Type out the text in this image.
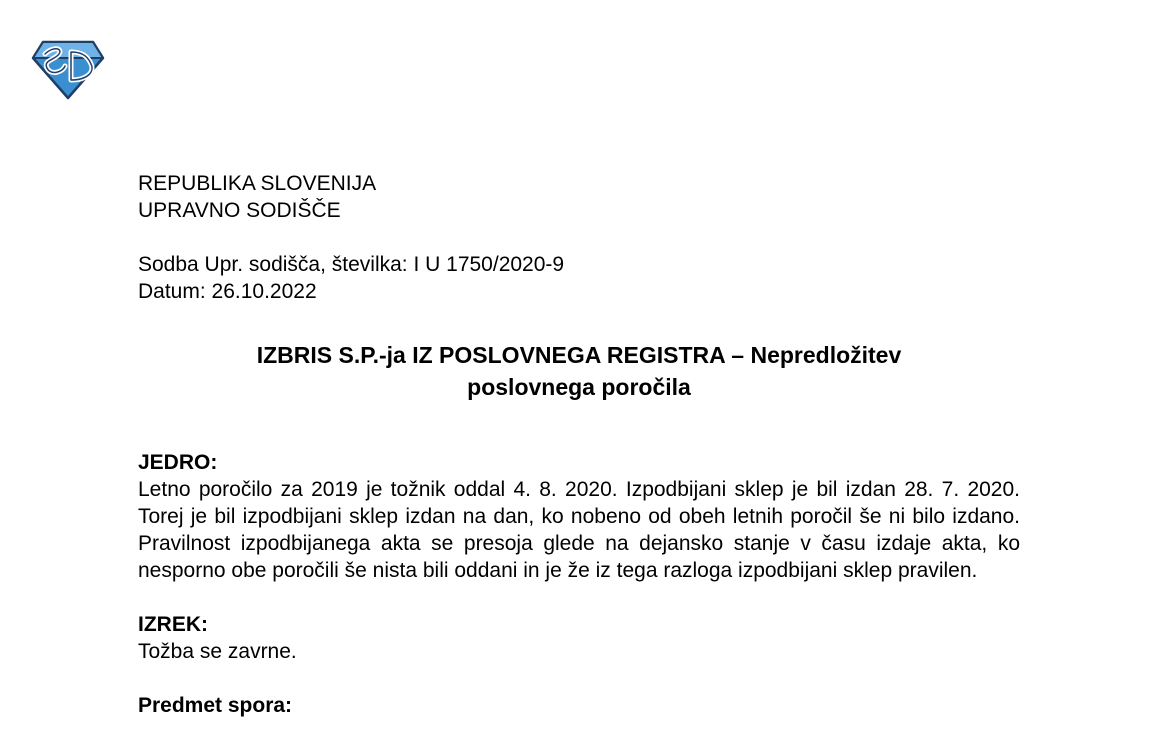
REPUBLIKA SLOVENIJA
UPRAVNO SODIŠČE
Sodba Upr. sodišča, številka: I U 1750/2020-9
Datum: 26.10.2022
IZBRIS S.P.-ja IZ POSLOVNEGA REGISTRA – Nepredložitev
poslovnega poročila
JEDRO:
Letno poročilo za 2019 je tožnik oddal 4. 8. 2020. Izpodbijani sklep je bil izdan 28. 7. 2020. Torej je bil izpodbijani sklep izdan na dan, ko nobeno od obeh letnih poročil še ni bilo izdano. Pravilnost izpodbijanega akta se presoja glede na dejansko stanje v času izdaje akta, ko nesporno obe poročili še nista bili oddani in je že iz tega razloga izpodbijani sklep pravilen.
IZREK:
Tožba se zavrne.
Predmet spora:
